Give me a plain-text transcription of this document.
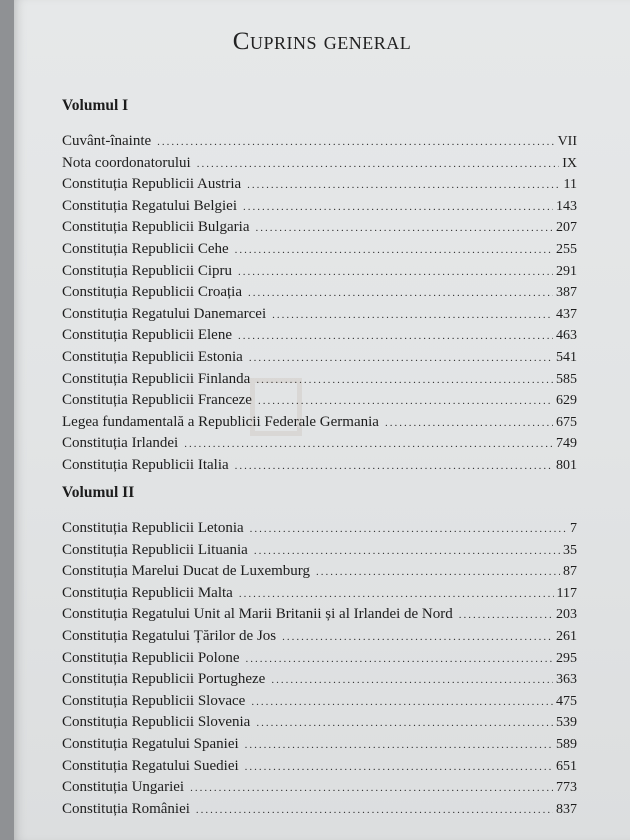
Cuprins general
Volumul I
Cuvânt-înainte .....	VII
Nota coordonatorului .....	IX
Constituția Republicii Austria .....	11
Constituția Regatului Belgiei .....	143
Constituția Republicii Bulgaria .....	207
Constituția Republicii Cehe .....	255
Constituția Republicii Cipru .....	291
Constituția Republicii Croația .....	387
Constituția Regatului Danemarcei .....	437
Constituția Republicii Elene .....	463
Constituția Republicii Estonia .....	541
Constituția Republicii Finlanda .....	585
Constituția Republicii Franceze .....	629
Legea fundamentală a Republicii Federale Germania .....	675
Constituția Irlandei .....	749
Constituția Republicii Italia .....	801
Volumul II
Constituția Republicii Letonia .....	7
Constituția Republicii Lituania .....	35
Constituția Marelui Ducat de Luxemburg .....	87
Constituția Republicii Malta .....	117
Constituția Regatului Unit al Marii Britanii și al Irlandei de Nord .....	203
Constituția Regatului Țărilor de Jos .....	261
Constituția Republicii Polone .....	295
Constituția Republicii Portugheze .....	363
Constituția Republicii Slovace .....	475
Constituția Republicii Slovenia .....	539
Constituția Regatului Spaniei .....	589
Constituția Regatului Suediei .....	651
Constituția Ungariei .....	773
Constituția României .....	837
